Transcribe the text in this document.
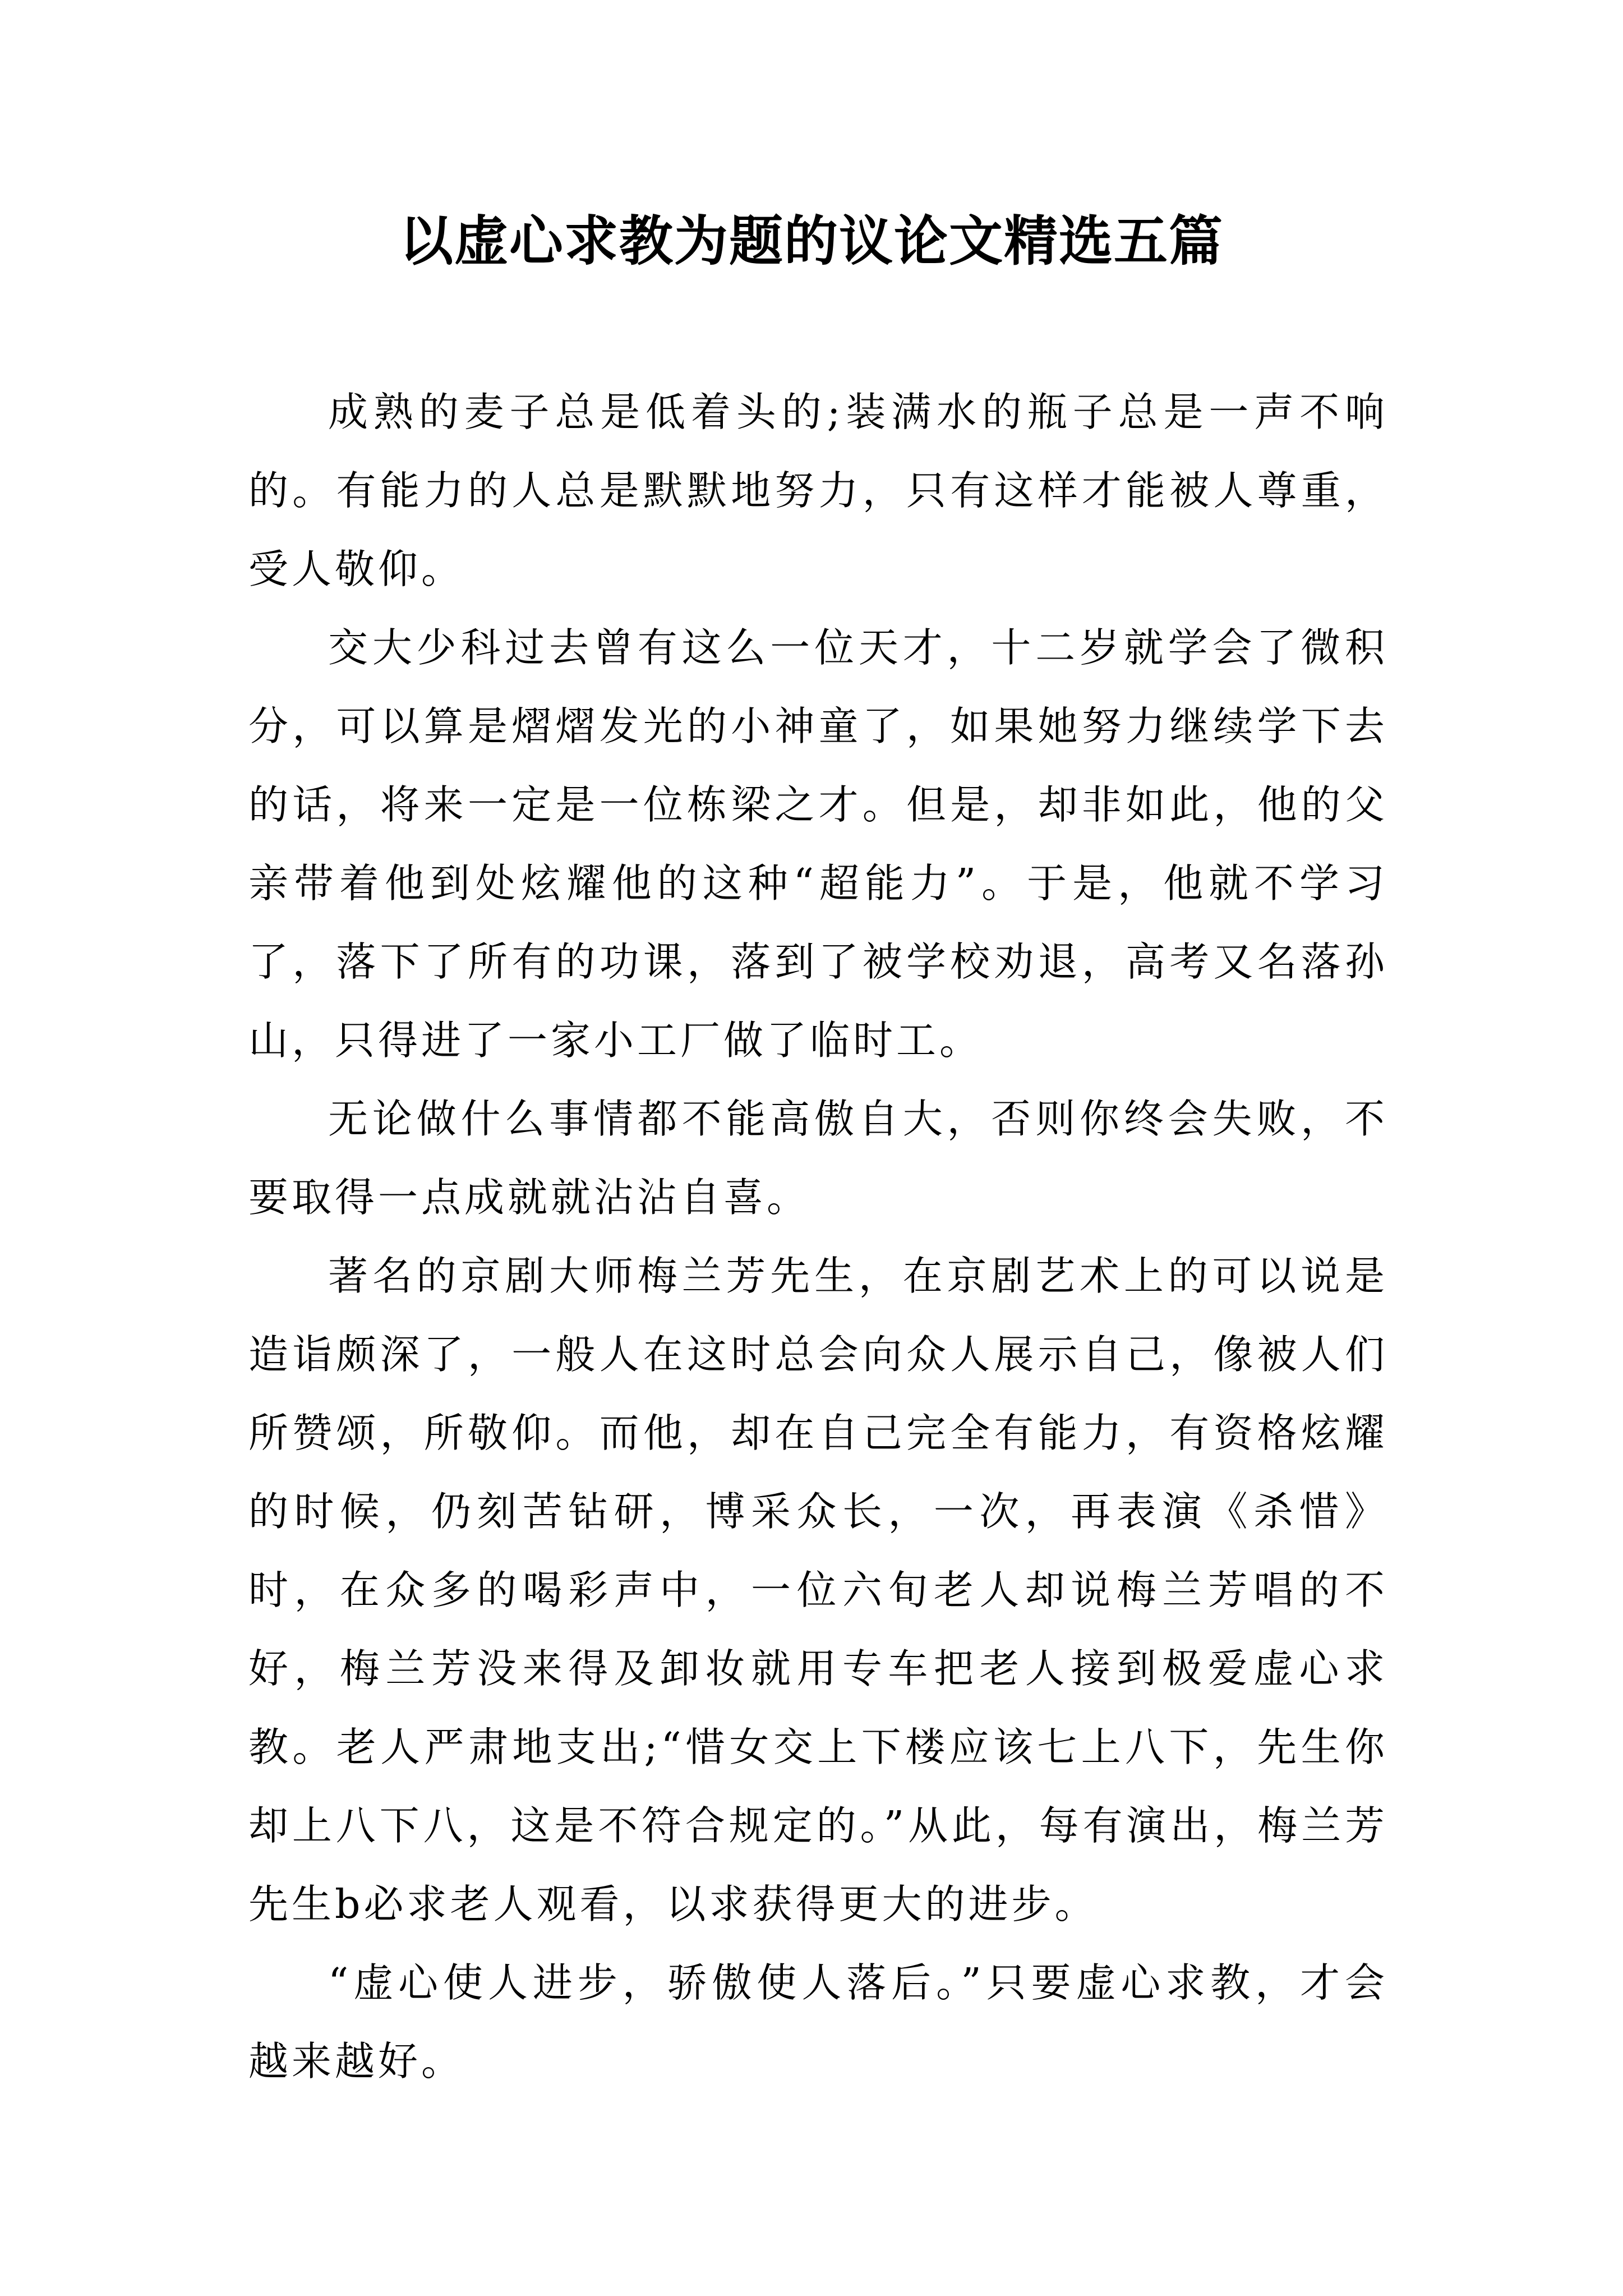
以虚心求教为题的议论文精选五篇

成熟的麦子总是低着头的;装满水的瓶子总是一声不响的。有能力的人总是默默地努力，只有这样才能被人尊重，受人敬仰。

交大少科过去曾有这么一位天才，十二岁就学会了微积分，可以算是熠熠发光的小神童了，如果她努力继续学下去的话，将来一定是一位栋梁之才。但是，却非如此，他的父亲带着他到处炫耀他的这种“超能力”。于是，他就不学习了，落下了所有的功课，落到了被学校劝退，高考又名落孙山，只得进了一家小工厂做了临时工。

无论做什么事情都不能高傲自大，否则你终会失败，不要取得一点成就就沾沾自喜。

著名的京剧大师梅兰芳先生，在京剧艺术上的可以说是造诣颇深了，一般人在这时总会向众人展示自己，像被人们所赞颂，所敬仰。而他，却在自己完全有能力，有资格炫耀的时候，仍刻苦钻研，博采众长，一次，再表演《杀惜》时，在众多的喝彩声中，一位六旬老人却说梅兰芳唱的不好，梅兰芳没来得及卸妆就用专车把老人接到极爱虚心求教。老人严肃地支出;“惜女交上下楼应该七上八下，先生你却上八下八，这是不符合规定的。”从此，每有演出，梅兰芳先生b必求老人观看，以求获得更大的进步。

“虚心使人进步，骄傲使人落后。”只要虚心求教，才会越来越好。
